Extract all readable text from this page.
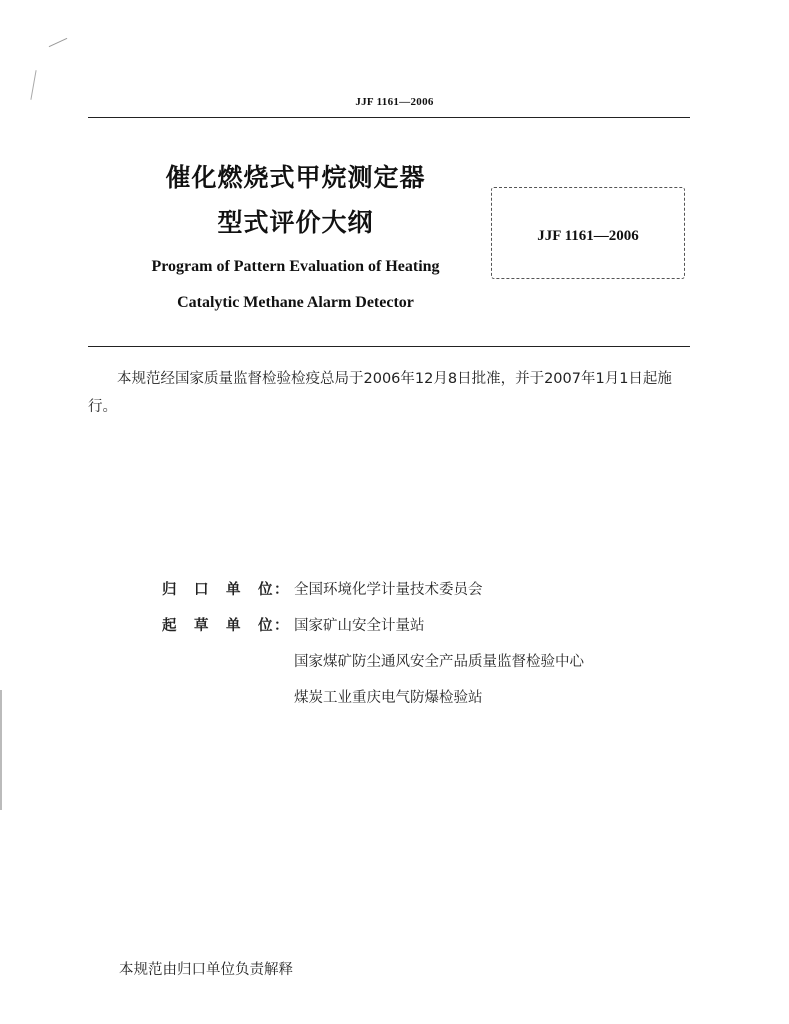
JJF 1161—2006
催化燃烧式甲烷测定器
型式评价大纲
Program of Pattern Evaluation of Heating
Catalytic Methane Alarm Detector
JJF 1161—2006
本规范经国家质量监督检验检疫总局于2006年12月8日批准，并于2007年1月1日起施行。
归 口 单 位 ： 全国环境化学计量技术委员会
起 草 单 位 ： 国家矿山安全计量站
国家煤矿防尘通风安全产品质量监督检验中心
煤炭工业重庆电气防爆检验站
本规范由归口单位负责解释
